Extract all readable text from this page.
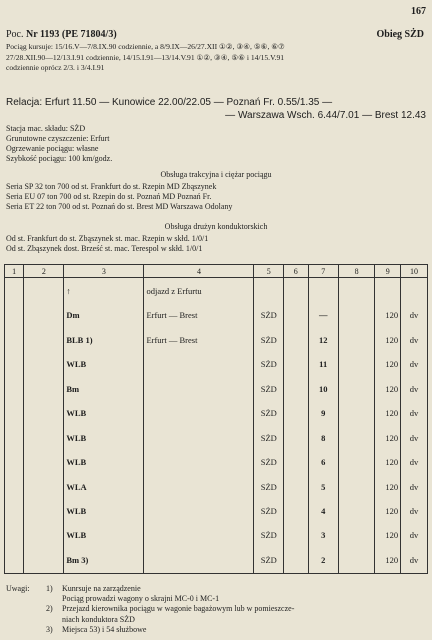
167
Poc. Nr 1193 (PE 71804/3)	Obieg SŻD
Pociąg kursuje: 15/16.V—7/8.IX.90 codziennie, a 8/9.IX—26/27.XII ①②, ③④, ⑤⑥, ⑥⑦
27/28.XII.90—12/13.I.91 codziennie, 14/15.I.91—13/14.V.91 ①②, ③④, ⑤⑥ i 14/15.V.91
codziennie oprócz 2/3. i 3/4.I.91
Relacja: Erfurt 11.50 — Kunowice 22.00/22.05 — Poznań Fr. 0.55/1.35 —
— Warszawa Wsch. 6.44/7.01 — Brest 12.43
Stacja mac. składu: SŻD
Grunutowne czyszczenie: Erfurt
Ogrzewanie pociągu: własne
Szybkość pociągu: 100 km/godz.
Obsługa trakcyjna i ciężar pociągu
Seria SP 32 ton 700 od st. Frankfurt do st. Rzepin MD Zbąszynek
Seria EU 07 ton 700 od st. Rzepin do st. Poznań MD Poznań Fr.
Seria ET 22 ton 700 od st. Poznań do st. Brest MD Warszawa Odolany
Obsługa drużyn konduktorskich
Od st. Frankfurt do st. Zbąszynek st. mac. Rzepin w skłd. 1/0/1
Od st. Zbąszynek dost. Brześć st. mac. Terespol w skłd. 1/0/1
1	2	3	4	5	6	7	8	9	10
		↑	odjazd z Erfurtu						
		Dm	Erfurt — Brest	SŻD		—		120	dv
		BLB 1)	Erfurt — Brest	SŻD		12		120	dv
		WLB		SŻD		11		120	dv
		Bm		SŻD		10		120	dv
		WLB		SŻD		9		120	dv
		WLB		SŻD		8		120	dv
		WLB		SŻD		6		120	dv
		WLA		SŻD		5		120	dv
		WLB		SŻD		4		120	dv
		WLB		SŻD		3		120	dv
		Bm 3)		SŻD		2		120	dv
Uwagi: 1) Kunrsuje na zarządzenie
Pociąg prowadzi wagony o skrajni MC-0 i MC-1
2) Przejazd kierownika pociągu w wagonie bagażowym lub w pomieszcze-
niach konduktora SŻD
3) Miejsca 53) i 54 służbowe
